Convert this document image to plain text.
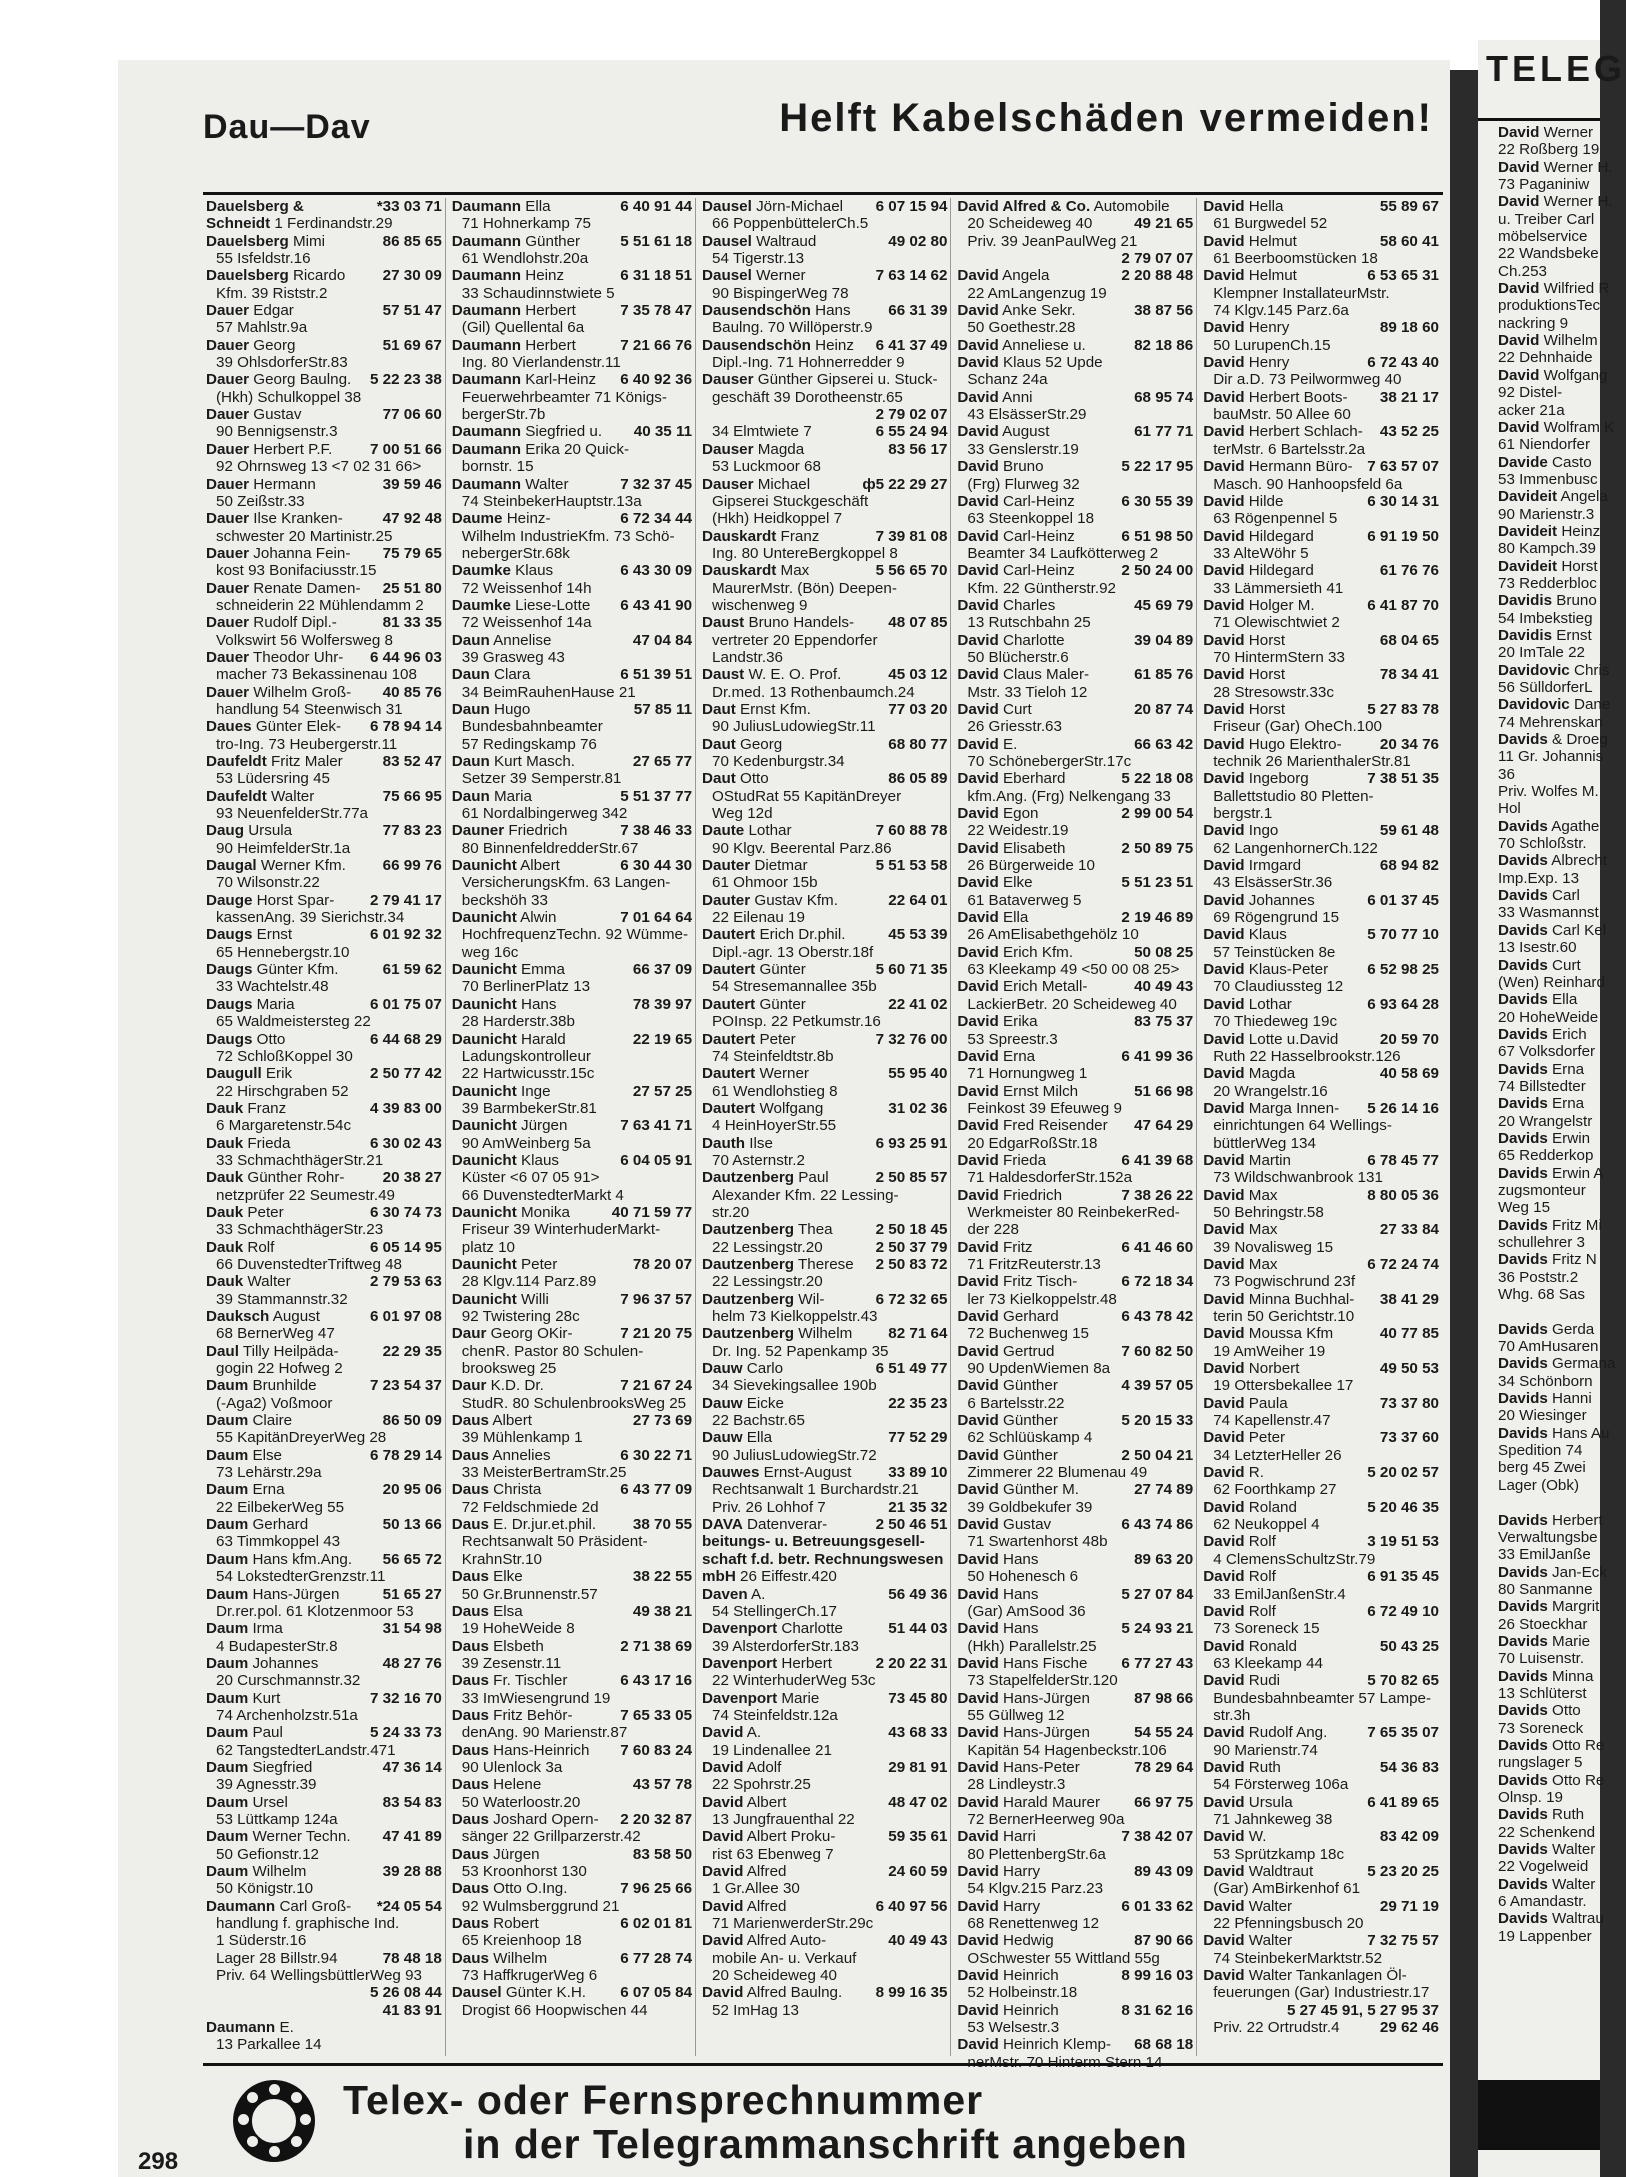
Dau—Dav	Helft Kabelschäden vermeiden!
Dauelsberg &	*33 03 71
Schneidt 1 Ferdinandstr.29
Dauelsberg Mimi	86 85 65
55 Isfeldstr.16
Dauelsberg Ricardo 27 30 09
Kfm. 39 Riststr.2
Dauer Edgar	57 51 47
57 Mahlstr.9a
Dauer Georg	51 69 67
39 OhlsdorferStr.83
Dauer Georg Baulng. 5 22 23 38
(Hkh) Schulkoppel 38
Dauer Gustav	77 06 60
90 Bennigsenstr.3
Dauer Herbert P.F. 7 00 51 66
92 Ohrnsweg 13 <7 02 31 66>
Dauer Hermann	39 59 46
50 Zeißstr.33
Dauer Ilse Kranken-	47 92 48
schwester 20 Martinistr.25
Dauer Johanna Fein- 75 79 65
kost 93 Bonifaciusstr.15
Dauer Renate Damen- 25 51 80
schneiderin 22 Mühlendamm 2
Dauer Rudolf Dipl.-	81 33 35
Volkswirt 56 Wolfersweg 8
Dauer Theodor Uhr- 6 44 96 03
macher 73 Bekassinenau 108
Dauer Wilhelm Groß- 40 85 76
handlung 54 Steenwisch 31
Daues Günter Elek- 6 78 94 14
tro-Ing. 73 Heubergerstr.11
Daufeldt Fritz Maler	83 52 47
53 Lüdersring 45
Daufeldt Walter	75 66 95
93 NeuenfelderStr.77a
Daug Ursula	77 83 23
90 HeimfelderStr.1a
Daugal Werner Kfm. 66 99 76
70 Wilsonstr.22
Dauge Horst Spar- 2 79 41 17
kassenAng. 39 Sierichstr.34
Daugs Ernst	6 01 92 32
65 Hennebergstr.10
Daugs Günter Kfm.	61 59 62
33 Wachtelstr.48
Daugs Maria	6 01 75 07
65 Waldmeistersteg 22
Daugs Otto	6 44 68 29
72 SchloßKoppel 30
Daugull Erik	2 50 77 42
22 Hirschgraben 52
Dauk Franz	4 39 83 00
6 Margaretenstr.54c
Dauk Frieda	6 30 02 43
33 SchmachthägerStr.21
Dauk Günther Rohr-	20 38 27
netzprüfer 22 Seumestr.49
Dauk Peter	6 30 74 73
33 SchmachthägerStr.23
Dauk Rolf	6 05 14 95
66 DuvenstedterTriftweg 48
Dauk Walter	2 79 53 63
39 Stammannstr.32
Dauksch August	6 01 97 08
68 BernerWeg 47
Daul Tilly Heilpäda-	22 29 35
gogin 22 Hofweg 2
Daum Brunhilde	7 23 54 37
(-Aga2) Voßmoor
Daum Claire	86 50 09
55 KapitänDreyerWeg 28
Daum Else	6 78 29 14
73 Lehärstr.29a
Daum Erna	20 95 06
22 EilbekerWeg 55
Daum Gerhard	50 13 66
63 Timmkoppel 43
Daum Hans kfm.Ang. 56 65 72
54 LokstedterGrenzstr.11
Daum Hans-Jürgen	51 65 27
Dr.rer.pol. 61 Klotzenmoor 53
Daum Irma	31 54 98
4 BudapesterStr.8
Daum Johannes	48 27 76
20 Curschmannstr.32
Daum Kurt	7 32 16 70
74 Archenholzstr.51a
Daum Paul	5 24 33 73
62 TangstedterLandstr.471
Daum Siegfried	47 36 14
39 Agnesstr.39
Daum Ursel	83 54 83
53 Lüttkamp 124a
Daum Werner Techn. 47 41 89
50 Gefionstr.12
Daum Wilhelm	39 28 88
50 Königstr.10
Daumann Carl Groß- *24 05 54
handlung f. graphische Ind.
1 Süderstr.16
Lager 28 Billstr.94	78 48 18
Priv. 64 WellingsbüttlerWeg 93
5 26 08 44
41 83 91
Daumann E.
13 Parkallee 14
Daumann Ella	6 40 91 44
71 Hohnerkamp 75
Daumann Günther	5 51 61 18
61 Wendlohstr.20a
Daumann Heinz	6 31 18 51
33 Schaudinnstwiete 5
Daumann Herbert	7 35 78 47
(Gil) Quellental 6a
Daumann Herbert	7 21 66 76
Ing. 80 Vierlandenstr.11
Daumann Karl-Heinz 6 40 92 36
Feuerwehrbeamter 71 Königs-
bergerStr.7b
Daumann Siegfried u. 40 35 11
Daumann Erika 20 Quick-
bornstr. 15
Daumann Walter	7 32 37 45
74 SteinbekerHauptstr.13a
Daume Heinz-	6 72 34 44
Wilhelm IndustrieKfm. 73 Schö-
nebergerStr.68k
Daumke Klaus	6 43 30 09
72 Weissenhof 14h
Daumke Liese-Lotte 6 43 41 90
72 Weissenhof 14a
Daun Annelise	47 04 84
39 Grasweg 43
Daun Clara	6 51 39 51
34 BeimRauhenHause 21
Daun Hugo	57 85 11
Bundesbahnbeamter
57 Redingskamp 76
Daun Kurt Masch.	27 65 77
Setzer 39 Semperstr.81
Daun Maria	5 51 37 77
61 Nordalbingerweg 342
Dauner Friedrich	7 38 46 33
80 BinnenfeldredderStr.67
Daunicht Albert	6 30 44 30
VersicherungsKfm. 63 Langen-
beckshöh 33
Daunicht Alwin	7 01 64 64
HochfrequenzTechn. 92 Wümme-
weg 16c
Daunicht Emma	66 37 09
70 BerlinerPlatz 13
Daunicht Hans	78 39 97
28 Harderstr.38b
Daunicht Harald	22 19 65
Ladungskontrolleur
22 Hartwicusstr.15c
Daunicht Inge	27 57 25
39 BarmbekerStr.81
Daunicht Jürgen	7 63 41 71
90 AmWeinberg 5a
Daunicht Klaus	6 04 05 91
Küster <6 07 05 91>
66 DuvenstedterMarkt 4
Daunicht Monika	40 71 59 77
Friseur 39 WinterhuderMarkt-
platz 10
Daunicht Peter	78 20 07
28 Klgv.114 Parz.89
Daunicht Willi	7 96 37 57
92 Twistering 28c
Daur Georg OKir-	7 21 20 75
chenR. Pastor 80 Schulen-
brooksweg 25
Daur K.D. Dr.	7 21 67 24
StudR. 80 SchulenbrooksWeg 25
Daus Albert	27 73 69
39 Mühlenkamp 1
Daus Annelies	6 30 22 71
33 MeisterBertramStr.25
Daus Christa	6 43 77 09
72 Feldschmiede 2d
Daus E. Dr.jur.et.phil. 38 70 55
Rechtsanwalt 50 Präsident-
KrahnStr.10
Daus Elke	38 22 55
50 Gr.Brunnenstr.57
Daus Elsa	49 38 21
19 HoheWeide 8
Daus Elsbeth	2 71 38 69
39 Zesenstr.11
Daus Fr. Tischler	6 43 17 16
33 ImWiesengrund 19
Daus Fritz Behör-	7 65 33 05
denAng. 90 Marienstr.87
Daus Hans-Heinrich 7 60 83 24
90 Ulenlock 3a
Daus Helene	43 57 78
50 Waterloostr.20
Daus Joshard Opern- 2 20 32 87
sänger 22 Grillparzerstr.42
Daus Jürgen	83 58 50
53 Kroonhorst 130
Daus Otto O.Ing.	7 96 25 66
92 Wulmsberggrund 21
Daus Robert	6 02 01 81
65 Kreienhoop 18
Daus Wilhelm	6 77 28 74
73 HaffkrugerWeg 6
Dausel Günter K.H. 6 07 05 84
Drogist 66 Hoopwischen 44
Dausel Jörn-Michael 6 07 15 94
66 PoppenbüttelerCh.5
Dausel Waltraud	49 02 80
54 Tigerstr.13
Dausel Werner	7 63 14 62
90 BispingerWeg 78
Dausendschön Hans 66 31 39
Baulng. 70 Willöperstr.9
Dausendschön Heinz 6 41 37 49
Dipl.-Ing. 71 Hohnerredder 9
Dauser Günther Gipserei u. Stuck-
geschäft 39 Dorotheenstr.65
2 79 02 07
34 Elmtwiete 7	6 55 24 94
Dauser Magda	83 56 17
53 Luckmoor 68
Dauser Michael	ф5 22 29 27
Gipserei Stuckgeschäft
(Hkh) Heidkoppel 7
Dauskardt Franz	7 39 81 08
Ing. 80 UntereBergkoppel 8
Dauskardt Max	5 56 65 70
MaurerMstr. (Bön) Deepen-
wischenweg 9
Daust Bruno Handels- 48 07 85
vertreter 20 Eppendorfer
Landstr.36
Daust W. E. O. Prof.	45 03 12
Dr.med. 13 Rothenbaumch.24
Daut Ernst Kfm.	77 03 20
90 JuliusLudowiegStr.11
Daut Georg	68 80 77
70 Kedenburgstr.34
Daut Otto	86 05 89
OStudRat 55 KapitänDreyer
Weg 12d
Daute Lothar	7 60 88 78
90 Klgv. Beerental Parz.86
Dauter Dietmar	5 51 53 58
61 Ohmoor 15b
Dauter Gustav Kfm.	22 64 01
22 Eilenau 19
Dautert Erich Dr.phil.	45 53 39
Dipl.-agr. 13 Oberstr.18f
Dautert Günter	5 60 71 35
54 Stresemannallee 35b
Dautert Günter	22 41 02
POInsp. 22 Petkumstr.16
Dautert Peter	7 32 76 00
74 Steinfeldtstr.8b
Dautert Werner	55 95 40
61 Wendlohstieg 8
Dautert Wolfgang	31 02 36
4 HeinHoyerStr.55
Dauth Ilse	6 93 25 91
70 Asternstr.2
Dautzenberg Paul	2 50 85 57
Alexander Kfm. 22 Lessing-
str.20
Dautzenberg Thea	2 50 18 45
22 Lessingstr.20	2 50 37 79
Dautzenberg Therese 2 50 83 72
22 Lessingstr.20
Dautzenberg Wil-	6 72 32 65
helm 73 Kielkoppelstr.43
Dautzenberg Wilhelm 82 71 64
Dr. Ing. 52 Papenkamp 35
Dauw Carlo	6 51 49 77
34 Sievekingsallee 190b
Dauw Eicke	22 35 23
22 Bachstr.65
Dauw Ella	77 52 29
90 JuliusLudowiegStr.72
Dauwes Ernst-August 33 89 10
Rechtsanwalt 1 Burchardstr.21
Priv. 26 Lohhof 7	21 35 32
DAVA Datenverar-	2 50 46 51
beitungs- u. Betreuungsgesell-
schaft f.d. betr. Rechnungswesen
mbH 26 Eiffestr.420
Daven A.	56 49 36
54 StellingerCh.17
Davenport Charlotte	51 44 03
39 AlsterdorferStr.183
Davenport Herbert	2 20 22 31
22 WinterhuderWeg 53c
Davenport Marie	73 45 80
74 Steinfeldstr.12a
David A.	43 68 33
19 Lindenallee 21
David Adolf	29 81 91
22 Spohrstr.25
David Albert	48 47 02
13 Jungfrauenthal 22
David Albert Proku-	59 35 61
rist 63 Ebenweg 7
David Alfred	24 60 59
1 Gr.Allee 30
David Alfred	6 40 97 56
71 MarienwerderStr.29c
David Alfred Auto-	40 49 43
mobile An- u. Verkauf
20 Scheideweg 40
David Alfred Baulng. 8 99 16 35
52 ImHag 13
David Alfred & Co. Automobile
20 Scheideweg 40	49 21 65
Priv. 39 JeanPaulWeg 21
2 79 07 07
David Angela	2 20 88 48
22 AmLangenzug 19
David Anke Sekr.	38 87 56
50 Goethestr.28
David Anneliese u.	82 18 86
David Klaus 52 Upde
Schanz 24a
David Anni	68 95 74
43 ElsässerStr.29
David August	61 77 71
33 Genslerstr.19
David Bruno	5 22 17 95
(Frg) Flurweg 32
David Carl-Heinz	6 30 55 39
63 Steenkoppel 18
David Carl-Heinz	6 51 98 50
Beamter 34 Laufkötterweg 2
David Carl-Heinz	2 50 24 00
Kfm. 22 Güntherstr.92
David Charles	45 69 79
13 Rutschbahn 25
David Charlotte	39 04 89
50 Blücherstr.6
David Claus Maler-	61 85 76
Mstr. 33 Tieloh 12
David Curt	20 87 74
26 Griesstr.63
David E.	66 63 42
70 SchönebergerStr.17c
David Eberhard	5 22 18 08
kfm.Ang. (Frg) Nelkengang 33
David Egon	2 99 00 54
22 Weidestr.19
David Elisabeth	2 50 89 75
26 Bürgerweide 10
David Elke	5 51 23 51
61 Bataverweg 5
David Ella	2 19 46 89
26 AmElisabethgehölz 10
David Erich Kfm.	50 08 25
63 Kleekamp 49 <50 00 08 25>
David Erich Metall-	40 49 43
LackierBetr. 20 Scheideweg 40
David Erika	83 75 37
53 Spreestr.3
David Erna	6 41 99 36
71 Hornungweg 1
David Ernst Milch	51 66 98
Feinkost 39 Efeuweg 9
David Fred Reisender 47 64 29
20 EdgarRoßStr.18
David Frieda	6 41 39 68
71 HaldesdorferStr.152a
David Friedrich	7 38 26 22
Werkmeister 80 ReinbekerRed-
der 228
David Fritz	6 41 46 60
71 FritzReuterstr.13
David Fritz Tisch-	6 72 18 34
ler 73 Kielkoppelstr.48
David Gerhard	6 43 78 42
72 Buchenweg 15
David Gertrud	7 60 82 50
90 UpdenWiemen 8a
David Günther	4 39 57 05
6 Bartelsstr.22
David Günther	5 20 15 33
62 Schlüüskamp 4
David Günther	2 50 04 21
Zimmerer 22 Blumenau 49
David Günther M.	27 74 89
39 Goldbekufer 39
David Gustav	6 43 74 86
71 Swartenhorst 48b
David Hans	89 63 20
50 Hohenesch 6
David Hans	5 27 07 84
(Gar) AmSood 36
David Hans	5 24 93 21
(Hkh) Parallelstr.25
David Hans Fische 6 77 27 43
73 StapelfelderStr.120
David Hans-Jürgen	87 98 66
55 Güllweg 12
David Hans-Jürgen	54 55 24
Kapitän 54 Hagenbeckstr.106
David Hans-Peter	78 29 64
28 Lindleystr.3
David Harald Maurer 66 97 75
72 BernerHeerweg 90a
David Harri	7 38 42 07
80 PlettenbergStr.6a
David Harry	89 43 09
54 Klgv.215 Parz.23
David Harry	6 01 33 62
68 Renettenweg 12
David Hedwig	87 90 66
OSchwester 55 Wittland 55g
David Heinrich	8 99 16 03
52 Holbeinstr.18
David Heinrich	8 31 62 16
53 Welsestr.3
David Heinrich Klemp- 68 68 18
David Hella	55 89 67
61 Burgwedel 52
David Helmut	58 60 41
61 Beerboomstücken 18
David Helmut	6 53 65 31
Klempner InstallateurMstr.
74 Klgv.145 Parz.6a
David Henry	89 18 60
50 LurupenCh.15
David Henry	6 72 43 40
Dir a.D. 73 Peilwormweg 40
David Herbert Boots- 38 21 17
bauMstr. 50 Allee 60
David Herbert Schlach- 43 52 25
terMstr. 6 Bartelsstr.2a
David Hermann Büro- 7 63 57 07
Masch. 90 Hanhoopsfeld 6a
David Hilde	6 30 14 31
63 Rögenpennel 5
David Hildegard	6 91 19 50
33 AlteWöhr 5
David Hildegard	61 76 76
33 Lämmersieth 41
David Holger M.	6 41 87 70
71 Olewischtwiet 2
David Horst	68 04 65
70 HintermStern 33
David Horst	78 34 41
28 Stresowstr.33c
David Horst	5 27 83 78
Friseur (Gar) OheCh.100
David Hugo Elektro-	20 34 76
technik 26 MarienthalerStr.81
David Ingeborg	7 38 51 35
Ballettstudio 80 Pletten-
bergstr.1
David Ingo	59 61 48
62 LangenhornerCh.122
David Irmgard	68 94 82
43 ElsässerStr.36
David Johannes	6 01 37 45
69 Rögengrund 15
David Klaus	5 70 77 10
57 Teinstücken 8e
David Klaus-Peter	6 52 98 25
70 Claudiussteg 12
David Lothar	6 93 64 28
70 Thiedeweg 19c
David Lotte u.David	20 59 70
Ruth 22 Hasselbrookstr.126
David Magda	40 58 69
20 Wrangelstr.16
David Marga Innen- 5 26 14 16
einrichtungen 64 Wellings-
büttlerWeg 134
David Martin	6 78 45 77
73 Wildschwanbrook 131
David Max	8 80 05 36
50 Behringstr.58
David Max	27 33 84
39 Novalisweg 15
David Max	6 72 24 74
73 Pogwischrund 23f
David Minna Buchhal- 38 41 29
terin 50 Gerichtstr.10
David Moussa Kfm	40 77 85
19 AmWeiher 19
David Norbert	49 50 53
19 Ottersbekallee 17
David Paula	73 37 80
74 Kapellenstr.47
David Peter	73 37 60
34 LetzterHeller 26
David R.	5 20 02 57
62 Foorthkamp 27
David Roland	5 20 46 35
62 Neukoppel 4
David Rolf	3 19 51 53
4 ClemensSchultzStr.79
David Rolf	6 91 35 45
33 EmilJanßenStr.4
David Rolf	6 72 49 10
73 Soreneck 15
David Ronald	50 43 25
63 Kleekamp 44
David Rudi	5 70 82 65
Bundesbahnbeamter 57 Lampe-
str.3h
David Rudolf Ang.	7 65 35 07
90 Marienstr.74
David Ruth	54 36 83
54 Försterweg 106a
David Ursula	6 41 89 65
71 Jahnkeweg 38
David W.	83 42 09
53 Sprützkamp 18c
David Waldtraut	5 23 20 25
(Gar) AmBirkenhof 61
David Walter	29 71 19
22 Pfenningsbusch 20
David Walter	7 32 75 57
74 SteinbekerMarktstr.52
David Walter Tankanlagen Öl-
feuerungen (Gar) Industriestr.17
5 27 45 91, 5 27 95 37
Priv. 22 Ortrudstr.4	29 62 46
Telex- oder Fernsprechnummer
in der Telegrammanschrift angeben
298
TELEG
David Werner
22 Roßberg 19
David Werner H.
73 Paganiniw
David Werner H.
u. Treiber Carl
möbelservice
22 Wandsbeke
Ch.253
David Wilfried R
produktionsTec
nackring 9
David Wilhelm
22 Dehnhaide
David Wolfgang
92 Distel-
acker 21a
David Wolfram K
61 Niendorfer
Davide Casto
53 Immenbusc
Davideit Angela
90 Marienstr.3
Davideit Heinz
80 Kampch.39
Davideit Horst
73 Redderbloc
Davidis Bruno
54 Imbekstieg
Davidis Ernst
20 ImTale 22
Davidovic Chris
56 SülldorferL
Davidovic Dane
74 Mehrenskan
Davids & Droeg
11 Gr. Johannis
36
Priv. Wolfes M.
Hol
Davids Agathe
70 Schloßstr.
Davids Albrecht
Imp.Exp. 13
Davids Carl
33 Wasmannst
Davids Carl Kel
13 Isestr.60
Davids Curt
(Wen) Reinhard
Davids Ella
20 HoheWeide
Davids Erich
67 Volksdorfer
Davids Erna
74 Billstedter
Davids Erna
20 Wrangelstr
Davids Erwin
65 Redderkop
Davids Erwin A
zugsmonteur
Weg 15
Davids Fritz Mi
schullehrer 3
Davids Fritz N
36 Poststr.2
Whg. 68 Sas

Davids Gerda
70 AmHusaren
Davids Germana
34 Schönborn
Davids Hanni
20 Wiesinger
Davids Hans Au
Spedition 74
berg 45 Zwei
Lager (Obk)

Davids Herbert
Verwaltungsbe
33 EmilJanße
Davids Jan-Eck
80 Sanmanne
Davids Margrit
26 Stoeckhar
Davids Marie
70 Luisenstr.
Davids Minna
13 Schlüterst
Davids Otto
73 Soreneck
Davids Otto Re
rungslager 5
Davids Otto Re
Olnsp. 19
Davids Ruth
22 Schenkend
Davids Walter
22 Vogelweid
Davids Walter
6 Amandastr.
Davids Waltrau
19 Lappenber
